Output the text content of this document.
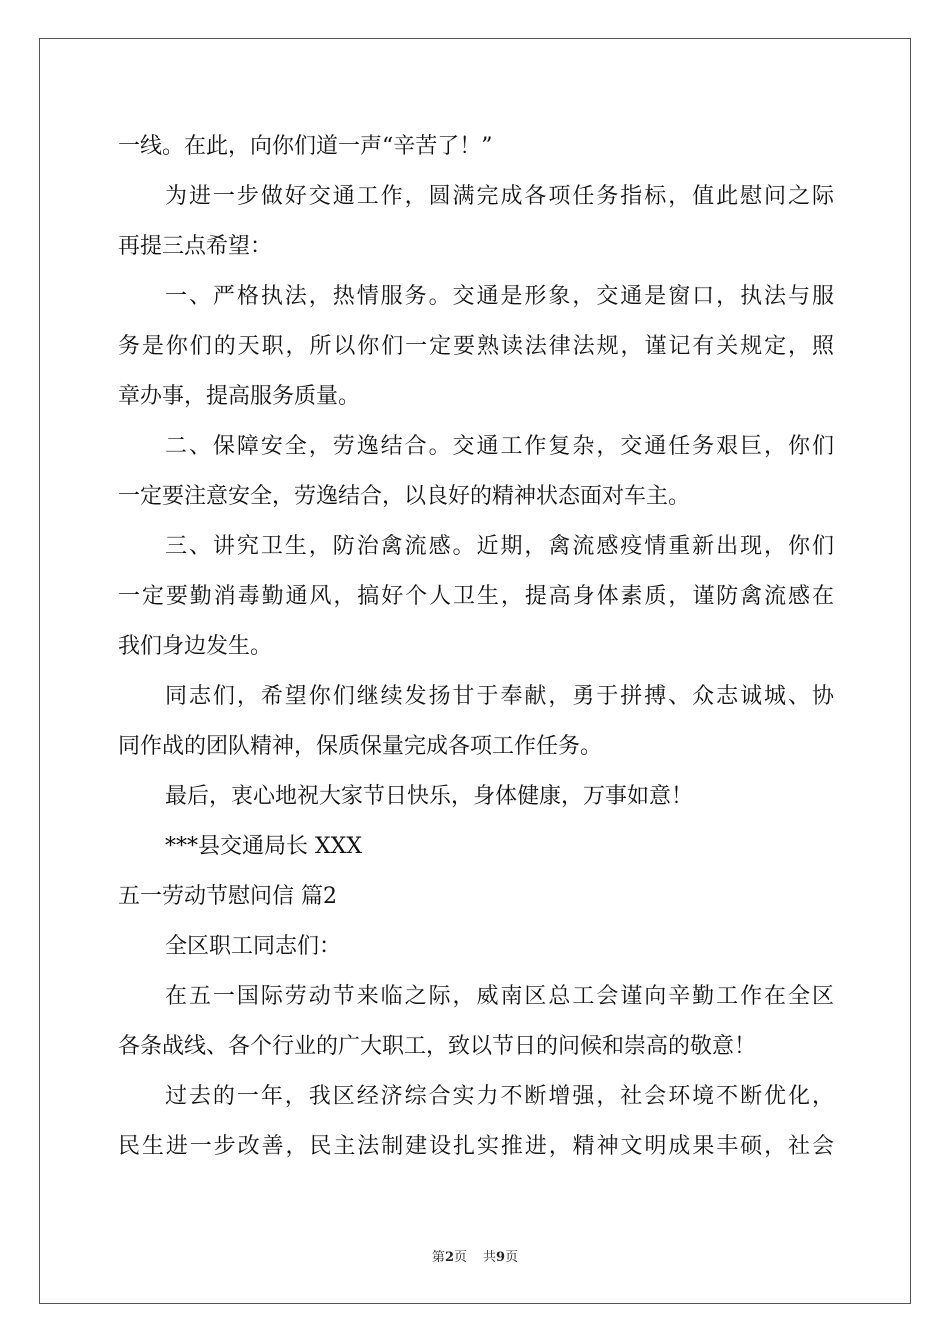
一线。在此，向你们道一声“辛苦了！”
为进一步做好交通工作，圆满完成各项任务指标，值此慰问之际
再提三点希望：
一、严格执法，热情服务。交通是形象，交通是窗口，执法与服
务是你们的天职，所以你们一定要熟读法律法规，谨记有关规定，照
章办事，提高服务质量。
二、保障安全，劳逸结合。交通工作复杂，交通任务艰巨，你们
一定要注意安全，劳逸结合，以良好的精神状态面对车主。
三、讲究卫生，防治禽流感。近期，禽流感疫情重新出现，你们
一定要勤消毒勤通风，搞好个人卫生，提高身体素质，谨防禽流感在
我们身边发生。
同志们，希望你们继续发扬甘于奉献，勇于拼搏、众志诚城、协
同作战的团队精神，保质保量完成各项工作任务。
最后，衷心地祝大家节日快乐，身体健康，万事如意！
***县交通局长 XXX
五一劳动节慰问信 篇2
全区职工同志们：
在五一国际劳动节来临之际，威南区总工会谨向辛勤工作在全区
各条战线、各个行业的广大职工，致以节日的问候和崇高的敬意！
过去的一年，我区经济综合实力不断增强，社会环境不断优化，
民生进一步改善，民主法制建设扎实推进，精神文明成果丰硕，社会
第2页 共9页
